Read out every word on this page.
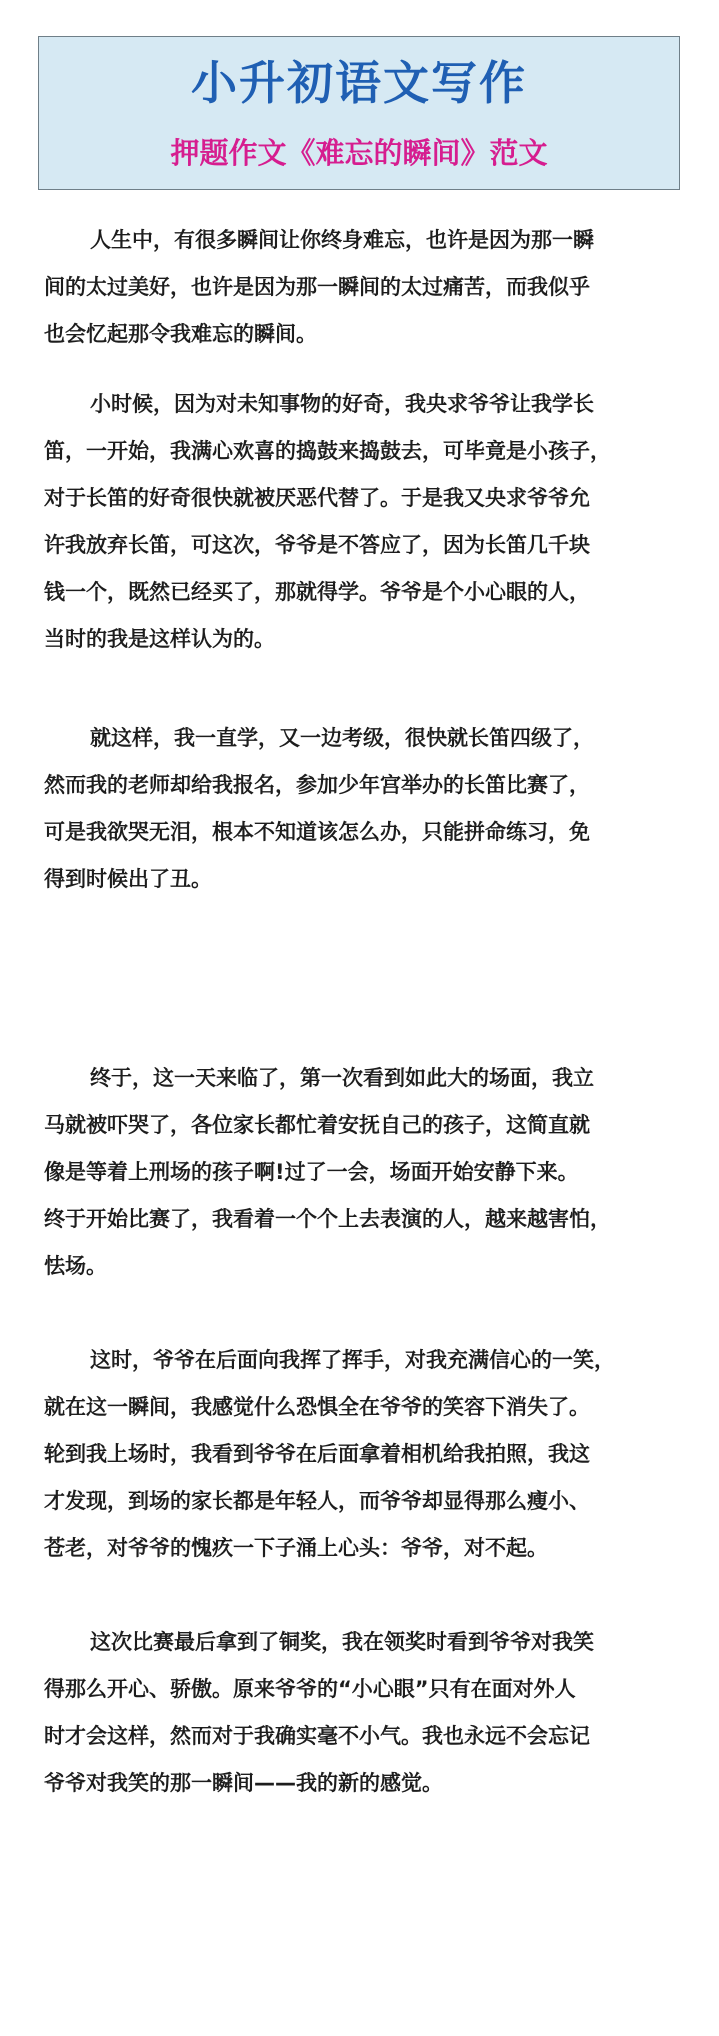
小升初语文写作
押题作文《难忘的瞬间》范文
人生中，有很多瞬间让你终身难忘，也许是因为那一瞬
间的太过美好，也许是因为那一瞬间的太过痛苦，而我似乎
也会忆起那令我难忘的瞬间。
小时候，因为对未知事物的好奇，我央求爷爷让我学长
笛，一开始，我满心欢喜的捣鼓来捣鼓去，可毕竟是小孩子，
对于长笛的好奇很快就被厌恶代替了。于是我又央求爷爷允
许我放弃长笛，可这次，爷爷是不答应了，因为长笛几千块
钱一个，既然已经买了，那就得学。爷爷是个小心眼的人，
当时的我是这样认为的。
就这样，我一直学，又一边考级，很快就长笛四级了，
然而我的老师却给我报名，参加少年宫举办的长笛比赛了，
可是我欲哭无泪，根本不知道该怎么办，只能拼命练习，免
得到时候出了丑。
终于，这一天来临了，第一次看到如此大的场面，我立
马就被吓哭了，各位家长都忙着安抚自己的孩子，这简直就
像是等着上刑场的孩子啊!过了一会，场面开始安静下来。
终于开始比赛了，我看着一个个上去表演的人，越来越害怕，
怯场。
这时，爷爷在后面向我挥了挥手，对我充满信心的一笑，
就在这一瞬间，我感觉什么恐惧全在爷爷的笑容下消失了。
轮到我上场时，我看到爷爷在后面拿着相机给我拍照，我这
才发现，到场的家长都是年轻人，而爷爷却显得那么瘦小、
苍老，对爷爷的愧疚一下子涌上心头：爷爷，对不起。
这次比赛最后拿到了铜奖，我在领奖时看到爷爷对我笑
得那么开心、骄傲。原来爷爷的“小心眼”只有在面对外人
时才会这样，然而对于我确实毫不小气。我也永远不会忘记
爷爷对我笑的那一瞬间——我的新的感觉。
